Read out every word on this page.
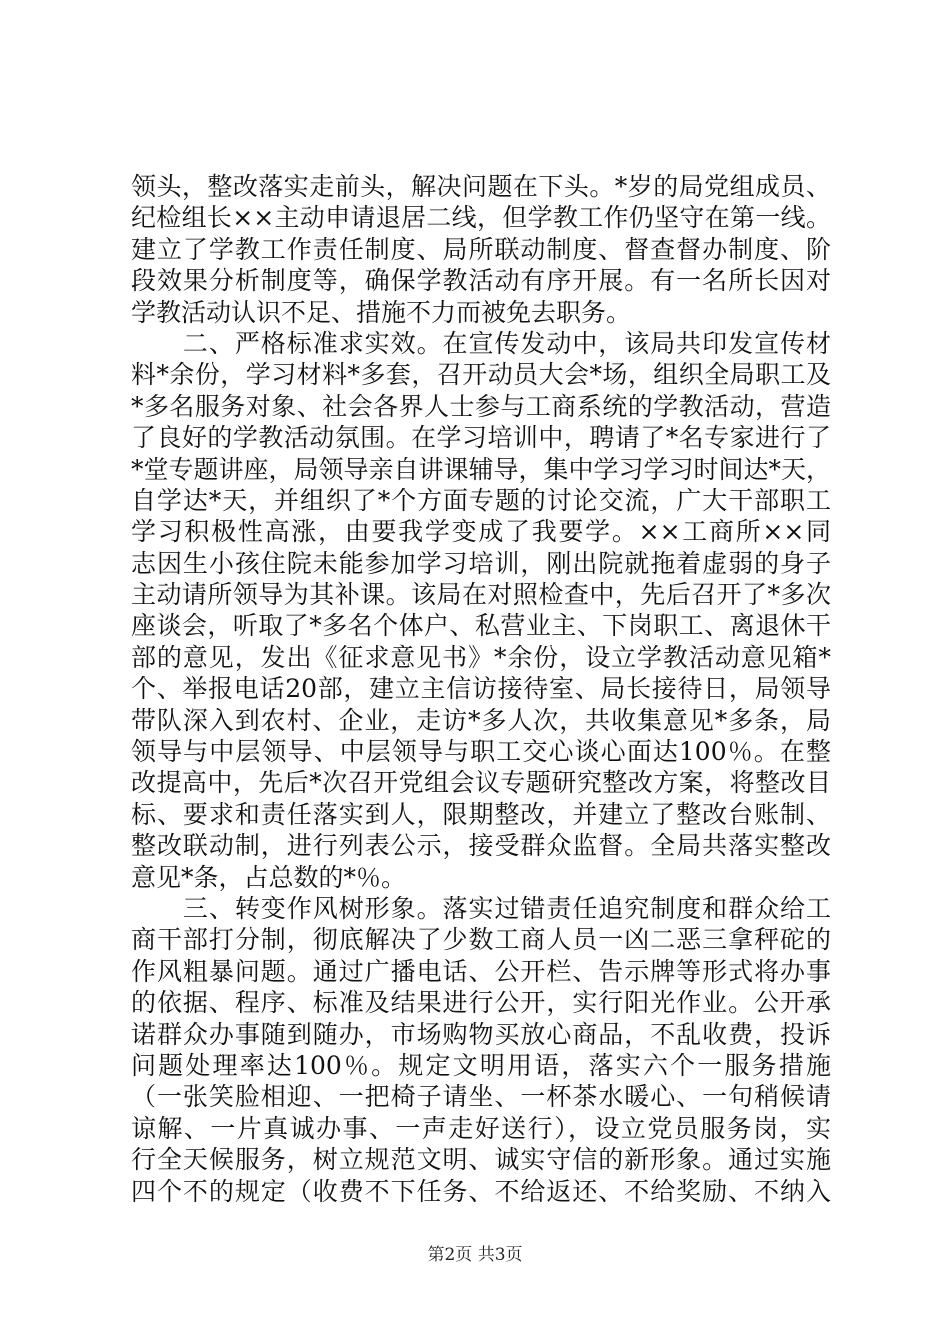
领头，整改落实走前头，解决问题在下头。*岁的局党组成员、
纪检组长××主动申请退居二线，但学教工作仍坚守在第一线。
建立了学教工作责任制度、局所联动制度、督查督办制度、阶
段效果分析制度等，确保学教活动有序开展。有一名所长因对
学教活动认识不足、措施不力而被免去职务。
　　二、严格标准求实效。在宣传发动中，该局共印发宣传材
料*余份，学习材料*多套，召开动员大会*场，组织全局职工及
*多名服务对象、社会各界人士参与工商系统的学教活动，营造
了良好的学教活动氛围。在学习培训中，聘请了*名专家进行了
*堂专题讲座，局领导亲自讲课辅导，集中学习学习时间达*天，
自学达*天，并组织了*个方面专题的讨论交流，广大干部职工
学习积极性高涨，由要我学变成了我要学。××工商所××同
志因生小孩住院未能参加学习培训，刚出院就拖着虚弱的身子
主动请所领导为其补课。该局在对照检查中，先后召开了*多次
座谈会，听取了*多名个体户、私营业主、下岗职工、离退休干
部的意见，发出《征求意见书》*余份，设立学教活动意见箱*
个、举报电话20部，建立主信访接待室、局长接待日，局领导
带队深入到农村、企业，走访*多人次，共收集意见*多条，局
领导与中层领导、中层领导与职工交心谈心面达100％。在整
改提高中，先后*次召开党组会议专题研究整改方案，将整改目
标、要求和责任落实到人，限期整改，并建立了整改台账制、
整改联动制，进行列表公示，接受群众监督。全局共落实整改
意见*条，占总数的*％。
　　三、转变作风树形象。落实过错责任追究制度和群众给工
商干部打分制，彻底解决了少数工商人员一凶二恶三拿秤砣的
作风粗暴问题。通过广播电话、公开栏、告示牌等形式将办事
的依据、程序、标准及结果进行公开，实行阳光作业。公开承
诺群众办事随到随办，市场购物买放心商品，不乱收费，投诉
问题处理率达100％。规定文明用语，落实六个一服务措施
（一张笑脸相迎、一把椅子请坐、一杯茶水暖心、一句稍候请
谅解、一片真诚办事、一声走好送行），设立党员服务岗，实
行全天候服务，树立规范文明、诚实守信的新形象。通过实施
四个不的规定（收费不下任务、不给返还、不给奖励、不纳入
第2页 共3页
